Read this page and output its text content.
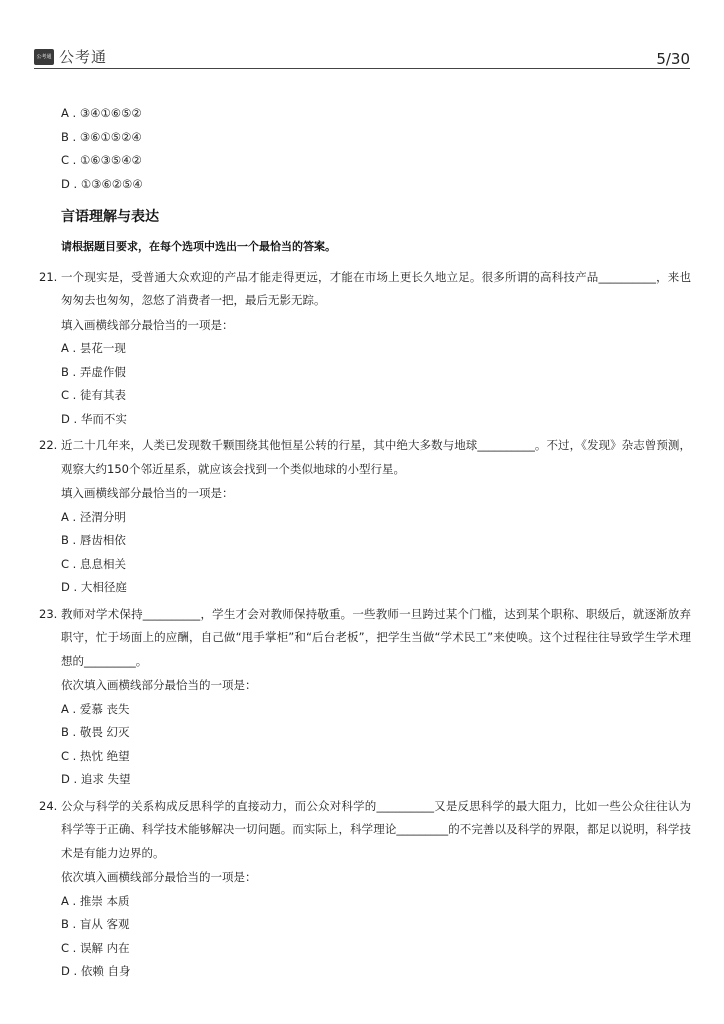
公考通 公考通	5/30
A . ③④①⑥⑤②
B . ③⑥①⑤②④
C . ①⑥③⑤④②
D . ①③⑥②⑤④
言语理解与表达
请根据题目要求，在每个选项中选出一个最恰当的答案。
21. 一个现实是，受普通大众欢迎的产品才能走得更远，才能在市场上更长久地立足。很多所谓的高科技产品__________，来也匆匆去也匆匆，忽悠了消费者一把，最后无影无踪。
填入画横线部分最恰当的一项是：
A . 昙花一现
B . 弄虚作假
C . 徒有其表
D . 华而不实
22. 近二十几年来，人类已发现数千颗围绕其他恒星公转的行星，其中绝大多数与地球__________。不过，《发现》杂志曾预测，观察大约150个邻近星系，就应该会找到一个类似地球的小型行星。
填入画横线部分最恰当的一项是：
A . 泾渭分明
B . 唇齿相依
C . 息息相关
D . 大相径庭
23. 教师对学术保持__________，学生才会对教师保持敬重。一些教师一旦跨过某个门槛，达到某个职称、职级后，就逐渐放弃职守，忙于场面上的应酬，自己做“甩手掌柜”和“后台老板”，把学生当做“学术民工”来使唤。这个过程往往导致学生学术理想的_________。
依次填入画横线部分最恰当的一项是：
A . 爱慕 丧失
B . 敬畏 幻灭
C . 热忱 绝望
D . 追求 失望
24. 公众与科学的关系构成反思科学的直接动力，而公众对科学的__________又是反思科学的最大阻力，比如一些公众往往认为科学等于正确、科学技术能够解决一切问题。而实际上，科学理论_________的不完善以及科学的界限，都足以说明，科学技术是有能力边界的。
依次填入画横线部分最恰当的一项是：
A . 推崇 本质
B . 盲从 客观
C . 误解 内在
D . 依赖 自身
